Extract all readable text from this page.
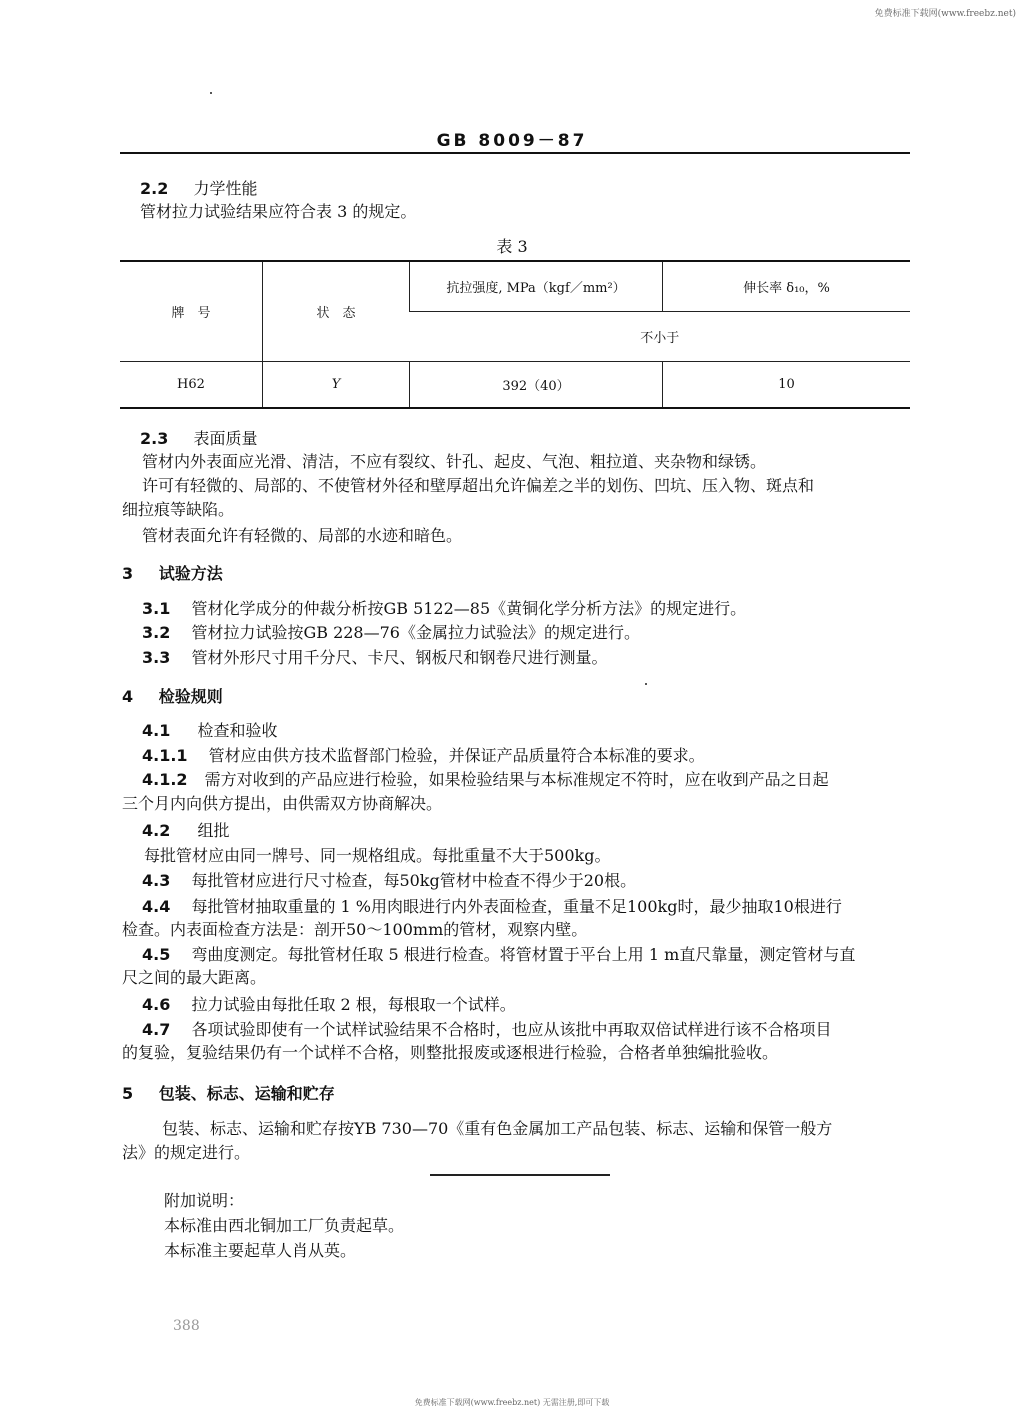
免费标准下载网(www.freebz.net)
GB 8009－87
2.2 力学性能
管材拉力试验结果应符合表 3 的规定。
表 3
牌　号	状　态	抗拉强度, MPa（kgf／mm²）	伸长率 δ₁₀，%
		不小于	
H62	Y	392（40）	10
2.3 表面质量
管材内外表面应光滑、清洁，不应有裂纹、针孔、起皮、气泡、粗拉道、夹杂物和绿锈。
许可有轻微的、局部的、不使管材外径和壁厚超出允许偏差之半的划伤、凹坑、压入物、斑点和
细拉痕等缺陷。
管材表面允许有轻微的、局部的水迹和暗色。
3 试验方法
3.1 管材化学成分的仲裁分析按GB 5122—85《黄铜化学分析方法》的规定进行。
3.2 管材拉力试验按GB 228—76《金属拉力试验法》的规定进行。
3.3 管材外形尺寸用千分尺、卡尺、钢板尺和钢卷尺进行测量。
4 检验规则
4.1 检查和验收
4.1.1 管材应由供方技术监督部门检验，并保证产品质量符合本标准的要求。
4.1.2 需方对收到的产品应进行检验，如果检验结果与本标准规定不符时，应在收到产品之日起
三个月内向供方提出，由供需双方协商解决。
4.2 组批
每批管材应由同一牌号、同一规格组成。每批重量不大于500kg。
4.3 每批管材应进行尺寸检查，每50kg管材中检查不得少于20根。
4.4 每批管材抽取重量的 1 %用肉眼进行内外表面检查，重量不足100kg时，最少抽取10根进行
检查。内表面检查方法是：剖开50～100mm的管材，观察内壁。
4.5 弯曲度测定。每批管材任取 5 根进行检查。将管材置于平台上用 1 m直尺靠量，测定管材与直
尺之间的最大距离。
4.6 拉力试验由每批任取 2 根，每根取一个试样。
4.7 各项试验即使有一个试样试验结果不合格时，也应从该批中再取双倍试样进行该不合格项目
的复验，复验结果仍有一个试样不合格，则整批报废或逐根进行检验，合格者单独编批验收。
5 包装、标志、运输和贮存
包装、标志、运输和贮存按YB 730—70《重有色金属加工产品包装、标志、运输和保管一般方
法》的规定进行。
附加说明：
本标准由西北铜加工厂负责起草。
本标准主要起草人肖从英。
388
免费标准下载网(www.freebz.net) 无需注册,即可下载
